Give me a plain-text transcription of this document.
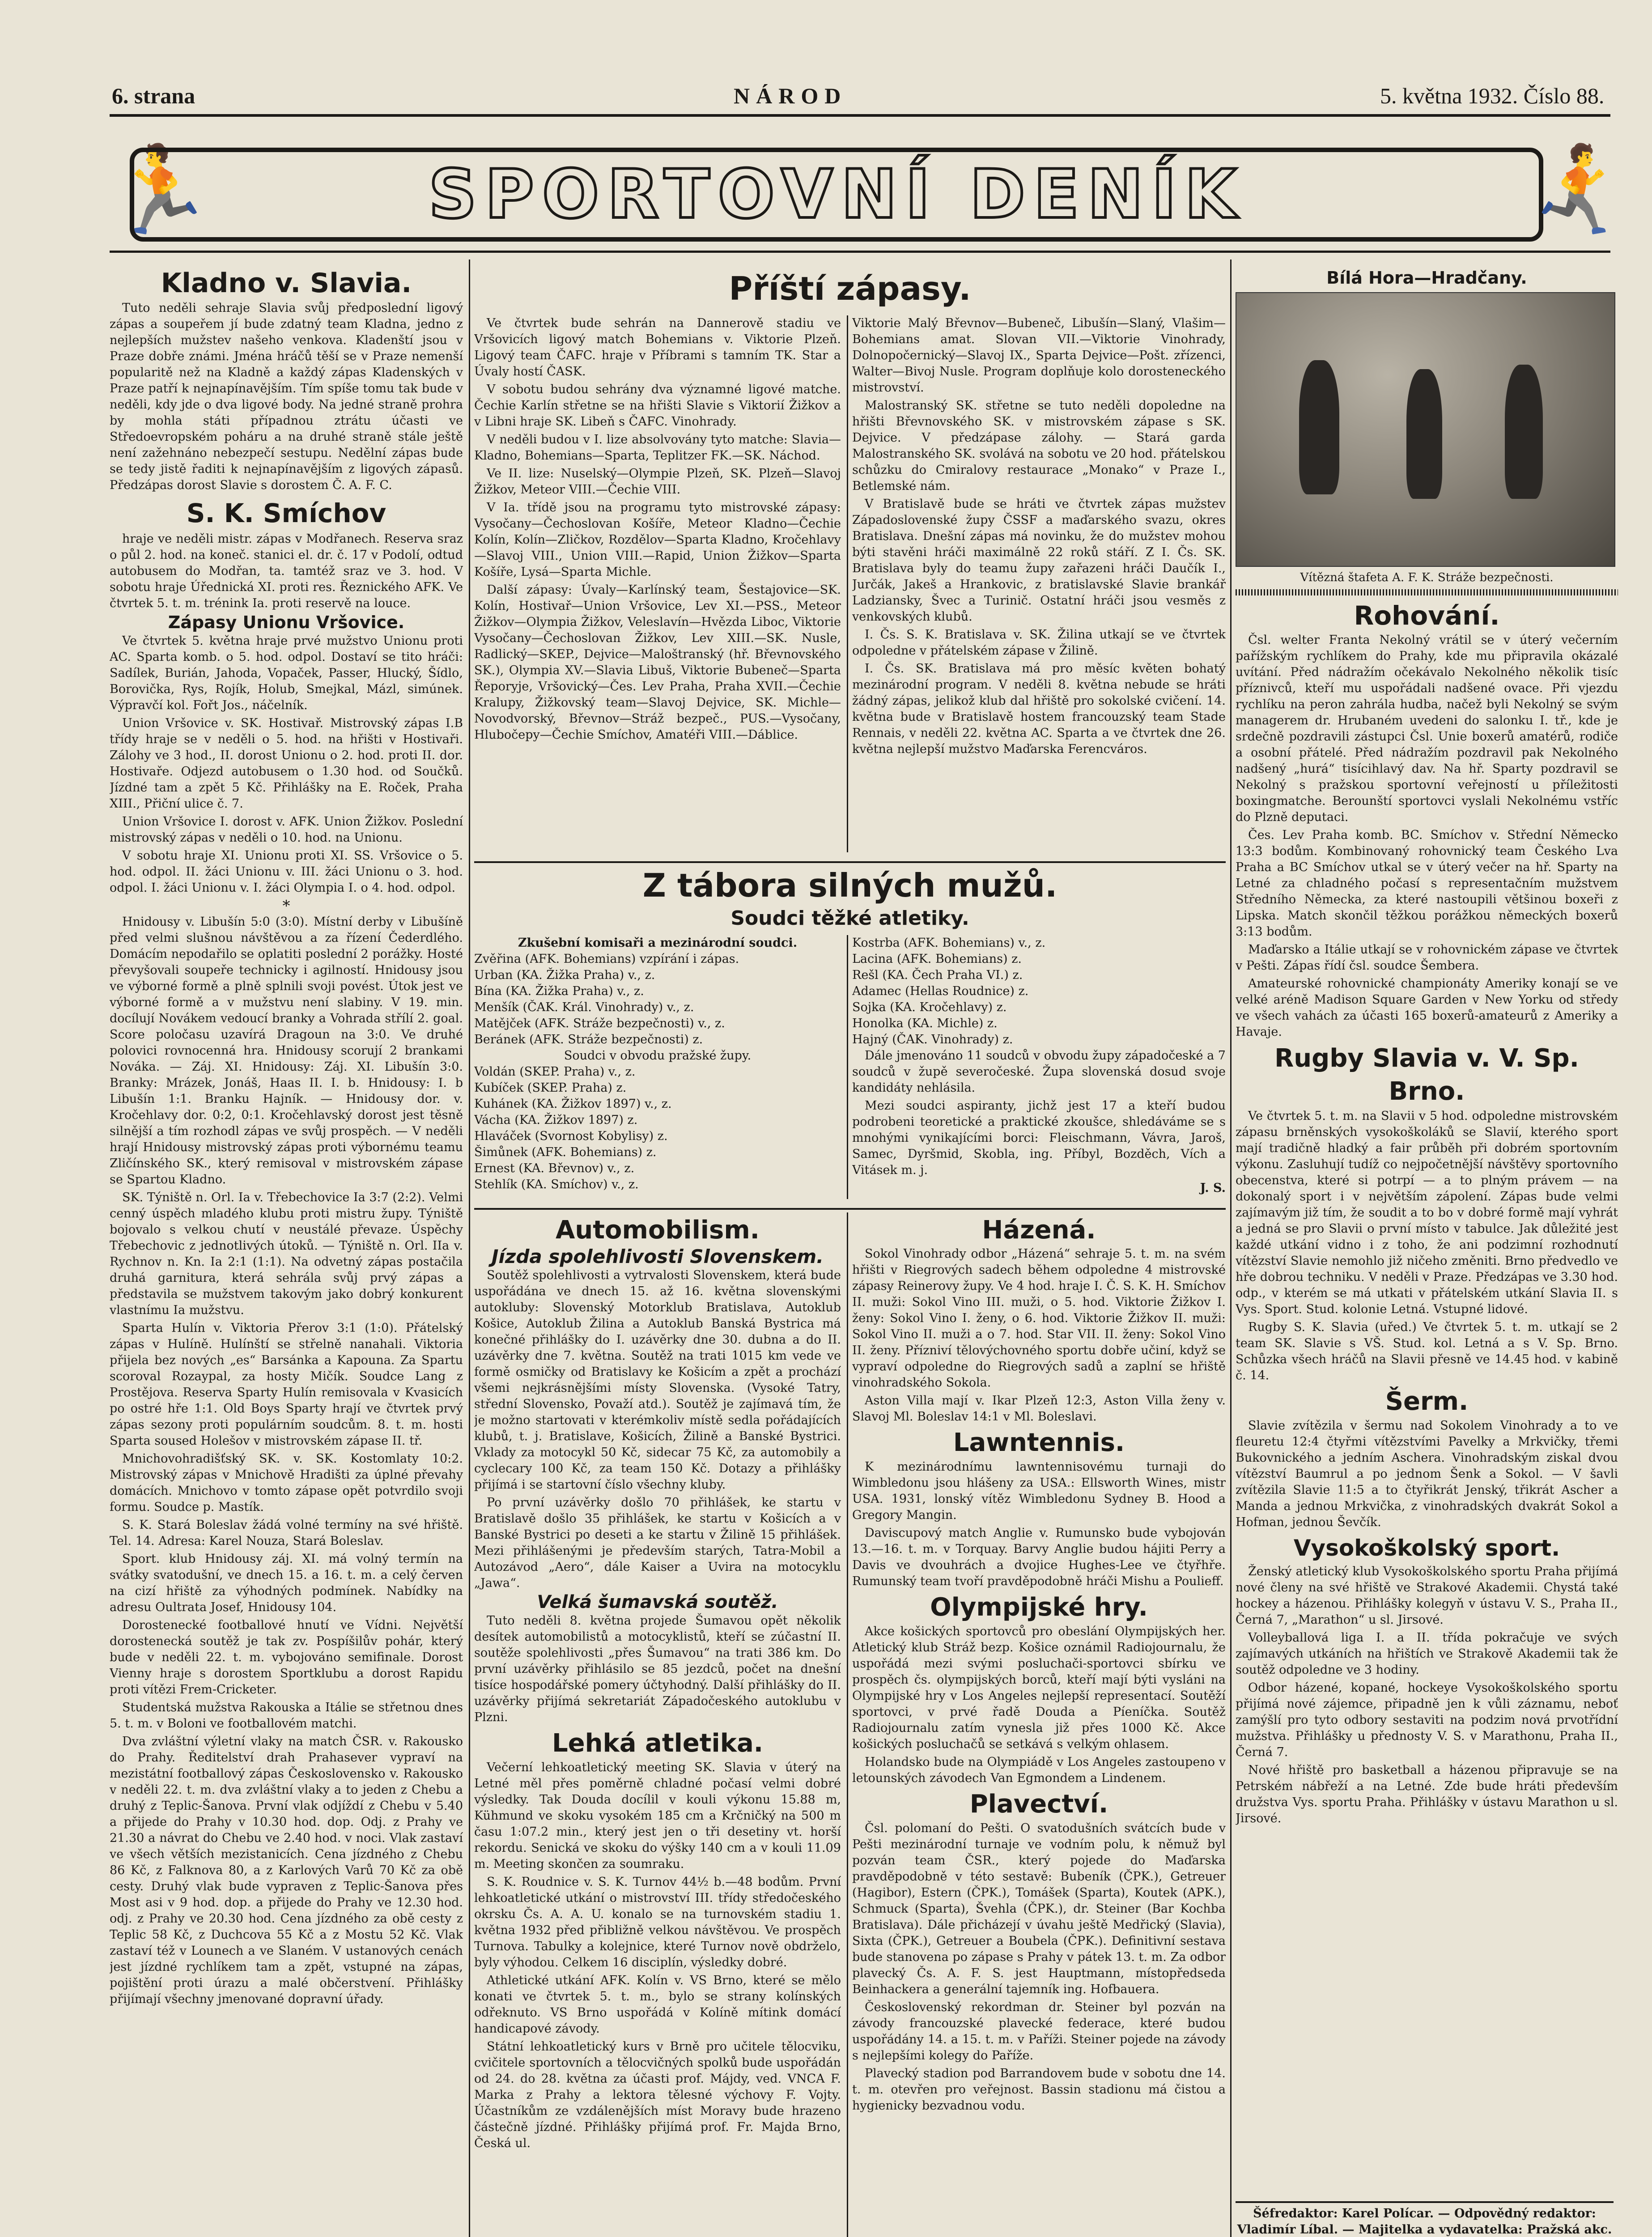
6. strana	NÁROD	5. května 1932. Číslo 88.
🏃	SPORTOVNÍ DENÍK	🏃
Kladno v. Slavia.

Tuto neděli sehraje Slavia svůj předposlední ligový zápas a soupeřem jí bude zdatný team Kladna, jedno z nejlepších mužstev našeho venkova. Kladenští jsou v Praze dobře známi. Jména hráčů těší se v Praze nemenší popularitě než na Kladně a každý zápas Kladenských v Praze patří k nejnapínavějším. Tím spíše tomu tak bude v neděli, kdy jde o dva ligové body. Na jedné straně prohra by mohla státi případnou ztrátu účasti ve Středoevropském poháru a na druhé straně stále ještě není zažehnáno nebezpečí sestupu. Nedělní zápas bude se tedy jistě řaditi k nejnapínavějším z ligových zápasů. Předzápas dorost Slavie s dorostem Č. A. F. C.

S. K. Smíchov

hraje ve neděli mistr. zápas v Modřanech. Reserva sraz o půl 2. hod. na koneč. stanici el. dr. č. 17 v Podolí, odtud autobusem do Modřan, ta. tamtéž sraz ve 3. hod. V sobotu hraje Úřednická XI. proti res. Řeznického AFK. Ve čtvrtek 5. t. m. trénink Ia. proti reservě na louce.

Zápasy Unionu Vršovice.

Ve čtvrtek 5. května hraje prvé mužstvo Unionu proti AC. Sparta komb. o 5. hod. odpol. Dostaví se tito hráči: Sadílek, Burián, Jahoda, Vopaček, Passer, Hlucký, Šídlo, Borovička, Rys, Rojík, Holub, Smejkal, Mázl, simúnek. Výpravčí kol. Fořt Jos., náčelník.

Union Vršovice v. SK. Hostivař. Mistrovský zápas I.B třídy hraje se v neděli o 5. hod. na hřišti v Hostivaři. Zálohy ve 3 hod., II. dorost Unionu o 2. hod. proti II. dor. Hostivaře. Odjezd autobusem o 1.30 hod. od Součků. Jízdné tam a zpět 5 Kč. Přihlášky na E. Roček, Praha XIII., Přiční ulice č. 7.

Union Vršovice I. dorost v. AFK. Union Žižkov. Poslední mistrovský zápas v neděli o 10. hod. na Unionu.

V sobotu hraje XI. Unionu proti XI. SS. Vršovice o 5. hod. odpol. II. žáci Unionu v. III. žáci Unionu o 3. hod. odpol. I. žáci Unionu v. I. žáci Olympia I. o 4. hod. odpol.

*

Hnidousy v. Libušín 5:0 (3:0). Místní derby v Libušíně před velmi slušnou návštěvou a za řízení Čederdlého. Domácím nepodařilo se oplatiti poslední 2 porážky. Hosté převyšovali soupeře technicky i agilností. Hnidousy jsou ve výborné formě a plně splnili svoji povést. Útok jest ve výborné formě a v mužstvu není slabiny. V 19. min. docílují Novákem vedoucí branky a Vohrada střílí 2. goal. Score poločasu uzavírá Dragoun na 3:0. Ve druhé polovici rovnocenná hra. Hnidousy scorují 2 brankami Nováka. — Záj. XI. Hnidousy: Záj. XI. Libušín 3:0. Branky: Mrázek, Jonáš, Haas II. I. b. Hnidousy: I. b Libušín 1:1. Branku Hajník. — Hnidousy dor. v. Kročehlavy dor. 0:2, 0:1. Kročehlavský dorost jest těsně silnější a tím rozhodl zápas ve svůj prospěch. — V neděli hrají Hnidousy mistrovský zápas proti výbornému teamu Zličínského SK., který remisoval v mistrovském zápase se Spartou Kladno.

SK. Týniště n. Orl. Ia v. Třebechovice Ia 3:7 (2:2). Velmi cenný úspěch mladého klubu proti mistru župy. Týniště bojovalo s velkou chutí v neustálé převaze. Úspěchy Třebechovic z jednotlivých útoků. — Týniště n. Orl. IIa v. Rychnov n. Kn. Ia 2:1 (1:1). Na odvetný zápas postačila druhá garnitura, která sehrála svůj prvý zápas a představila se mužstvem takovým jako dobrý konkurent vlastnímu Ia mužstvu.

Sparta Hulín v. Viktoria Přerov 3:1 (1:0). Přátelský zápas v Hulíně. Hulínští se střelně nanahali. Viktoria přijela bez nových „es“ Barsánka a Kapouna. Za Spartu scoroval Rozaypal, za hosty Mičík. Soudce Lang z Prostějova. Reserva Sparty Hulín remisovala v Kvasicích po ostré hře 1:1. Old Boys Sparty hrají ve čtvrtek prvý zápas sezony proti populárním soudcům. 8. t. m. hosti Sparta soused Holešov v mistrovském zápase II. tř.

Mnichovohradišťský SK. v. SK. Kostomlaty 10:2. Mistrovský zápas v Mnichově Hradišti za úplné převahy domácích. Mnichovo v tomto zápase opět potvrdilo svoji formu. Soudce p. Mastík.

S. K. Stará Boleslav žádá volné termíny na své hřiště. Tel. 14. Adresa: Karel Nouza, Stará Boleslav.

Sport. klub Hnidousy záj. XI. má volný termín na svátky svatodušní, ve dnech 15. a 16. t. m. a celý červen na cizí hřiště za výhodných podmínek. Nabídky na adresu Oultrata Josef, Hnidousy 104.

Dorostenecké footballové hnutí ve Vídni. Největší dorostenecká soutěž je tak zv. Pospíšilův pohár, který bude v neděli 22. t. m. vybojováno semifinale. Dorost Vienny hraje s dorostem Sportklubu a dorost Rapidu proti vítězi Frem-Cricketer.

Studentská mužstva Rakouska a Itálie se střetnou dnes 5. t. m. v Boloni ve footballovém matchi.

Dva zvláštní výletní vlaky na match ČSR. v. Rakousko do Prahy. Ředitelství drah Prahasever vypraví na mezistátní footballový zápas Československo v. Rakousko v neděli 22. t. m. dva zvláštní vlaky a to jeden z Chebu a druhý z Teplic-Šanova. První vlak odjíždí z Chebu v 5.40 a přijede do Prahy v 10.30 hod. dop. Odj. z Prahy ve 21.30 a návrat do Chebu ve 2.40 hod. v noci. Vlak zastaví ve všech větších mezistanicích. Cena jízdného z Chebu 86 Kč, z Falknova 80, a z Karlových Varů 70 Kč za obě cesty. Druhý vlak bude vypraven z Teplic-Šanova přes Most asi v 9 hod. dop. a přijede do Prahy ve 12.30 hod. odj. z Prahy ve 20.30 hod. Cena jízdného za obě cesty z Teplic 58 Kč, z Duchcova 55 Kč a z Mostu 52 Kč. Vlak zastaví též v Lounech a ve Slaném. V ustanových cenách jest jízdné rychlíkem tam a zpět, vstupné na zápas, pojištění proti úrazu a malé občerstvení. Přihlášky přijímají všechny jmenované dopravní úřady.

Příští zápasy.

Ve čtvrtek bude sehrán na Dannerově stadiu ve Vršovicích ligový match Bohemians v. Viktorie Plzeň. Ligový team ČAFC. hraje v Příbrami s tamním TK. Star a Úvaly hostí ČASK.

V sobotu budou sehrány dva významné ligové matche. Čechie Karlín střetne se na hřišti Slavie s Viktorií Žižkov a v Libni hraje SK. Libeň s ČAFC. Vinohrady.

V neděli budou v I. lize absolvovány tyto matche: Slavia—Kladno, Bohemians—Sparta, Teplitzer FK.—SK. Náchod.

Ve II. lize: Nuselský—Olympie Plzeň, SK. Plzeň—Slavoj Žižkov, Meteor VIII.—Čechie VIII.

V Ia. třídě jsou na programu tyto mistrovské zápasy: Vysočany—Čechoslovan Košíře, Meteor Kladno—Čechie Kolín, Kolín—Zličkov, Rozdělov—Sparta Kladno, Kročehlavy—Slavoj VIII., Union VIII.—Rapid, Union Žižkov—Sparta Košíře, Lysá—Sparta Michle.

Další zápasy: Úvaly—Karlínský team, Šestajovice—SK. Kolín, Hostivař—Union Vršovice, Lev XI.—PSS., Meteor Žižkov—Olympia Žižkov, Veleslavín—Hvězda Liboc, Viktorie Vysočany—Čechoslovan Žižkov, Lev XIII.—SK. Nusle, Radlický—SKEP., Dejvice—Maloštranský (hř. Břevnovského SK.), Olympia XV.—Slavia Libuš, Viktorie Bubeneč—Sparta Řeporyje, Vršovický—Čes. Lev Praha, Praha XVII.—Čechie Kralupy, Žižkovský team—Slavoj Dejvice, SK. Michle—Novodvorský, Břevnov—Stráž bezpeč., PUS.—Vysočany, Hlubočepy—Čechie Smíchov, Amatéři VIII.—Dáblice.

Viktorie Malý Břevnov—Bubeneč, Libušín—Slaný, Vlašim—Bohemians amat. Slovan VII.—Viktorie Vinohrady, Dolnopočernický—Slavoj IX., Sparta Dejvice—Pošt. zřízenci, Walter—Bivoj Nusle. Program doplňuje kolo dorosteneckého mistrovství.

Malostranský SK. střetne se tuto neděli dopoledne na hřišti Břevnovského SK. v mistrovském zápase s SK. Dejvice. V předzápase zálohy. — Stará garda Malostranského SK. svolává na sobotu ve 20 hod. přátelskou schůzku do Cmiralovy restaurace „Monako“ v Praze I., Betlemské nám.

V Bratislavě bude se hráti ve čtvrtek zápas mužstev Západoslovenské župy ČSSF a maďarského svazu, okres Bratislava. Dnešní zápas má novinku, že do mužstev mohou býti stavěni hráči maximálně 22 roků stáří. Z I. Čs. SK. Bratislava byly do teamu župy zařazeni hráči Daučík I., Jurčák, Jakeš a Hrankovic, z bratislavské Slavie brankář Ladziansky, Švec a Turinič. Ostatní hráči jsou vesměs z venkovských klubů.

I. Čs. S. K. Bratislava v. SK. Žilina utkají se ve čtvrtek odpoledne v přátelském zápase v Žilině.

I. Čs. SK. Bratislava má pro měsíc květen bohatý mezinárodní program. V neděli 8. května nebude se hráti žádný zápas, jelikož klub dal hřiště pro sokolské cvičení. 14. května bude v Bratislavě hostem francouzský team Stade Rennais, v neděli 22. května AC. Sparta a ve čtvrtek dne 26. května nejlepší mužstvo Maďarska Ferencváros.

Z tábora silných mužů.
Soudci těžké atletiky.
Zkušební komisaři a mezinárodní soudci.
Zvěřina (AFK. Bohemians) vzpírání i zápas.
Urban (KA. Žižka Praha) v., z.
Bína (KA. Žižka Praha) v., z.
Menšík (ČAK. Král. Vinohrady) v., z.
Matějček (AFK. Stráže bezpečnosti) v., z.
Beránek (AFK. Stráže bezpečnosti) z.
Soudci v obvodu pražské župy.
Voldán (SKEP. Praha) v., z.
Kubíček (SKEP. Praha) z.
Kuhánek (KA. Žižkov 1897) v., z.
Vácha (KA. Žižkov 1897) z.
Hlaváček (Svornost Kobylisy) z.
Šimůnek (AFK. Bohemians) z.
Ernest (KA. Břevnov) v., z.
Stehlík (KA. Smíchov) v., z.
Kostrba (AFK. Bohemians) v., z.
Lacina (AFK. Bohemians) z.
Rešl (KA. Čech Praha VI.) z.
Adamec (Hellas Roudnice) z.
Sojka (KA. Kročehlavy) z.
Honolka (KA. Michle) z.
Hajný (ČAK. Vinohrady) z.

Dále jmenováno 11 soudců v obvodu župy západočeské a 7 soudců v župě severočeské. Župa slovenská dosud svoje kandidáty nehlásila.

Mezi soudci aspiranty, jichž jest 17 a kteří budou podrobeni teoretické a praktické zkoušce, shledáváme se s mnohými vynikajícími borci: Fleischmann, Vávra, Jaroš, Samec, Dyršmid, Skobla, ing. Příbyl, Bozděch, Vích a Vitásek m. j.

J. S.
Automobilism.
Jízda spolehlivosti Slovenskem.

Soutěž spolehlivosti a vytrvalosti Slovenskem, která bude uspořádána ve dnech 15. až 16. května slovenskými autokluby: Slovenský Motorklub Bratislava, Autoklub Košice, Autoklub Žilina a Autoklub Banská Bystrica má konečné přihlášky do I. uzávěrky dne 30. dubna a do II. uzávěrky dne 7. května. Soutěž na trati 1015 km vede ve formě osmičky od Bratislavy ke Košicím a zpět a prochází všemi nejkrásnějšími místy Slovenska. (Vysoké Tatry, střední Slovensko, Považí atd.). Soutěž je zajímavá tím, že je možno startovati v kterémkoliv místě sedla pořádajících klubů, t. j. Bratislave, Košicích, Žilině a Banské Bystrici. Vklady za motocykl 50 Kč, sidecar 75 Kč, za automobily a cyclecary 100 Kč, za team 150 Kč. Dotazy a přihlášky přijímá i se startovní číslo všechny kluby.

Po první uzávěrky došlo 70 přihlášek, ke startu v Bratislavě došlo 35 přihlášek, ke startu v Košicích a v Banské Bystrici po deseti a ke startu v Žilině 15 přihlášek. Mezi přihlášenými je především starých, Tatra-Mobil a Autozávod „Aero“, dále Kaiser a Uvira na motocyklu „Jawa“.

Velká šumavská soutěž.

Tuto neděli 8. května projede Šumavou opět několik desítek automobilistů a motocyklistů, kteří se zúčastní II. soutěže spolehlivosti „přes Šumavou“ na trati 386 km. Do první uzávěrky přihlásilo se 85 jezdců, počet na dnešní tisíce hospodářské pomery účtyhodný. Další přihlášky do II. uzávěrky přijímá sekretariát Západočeského autoklubu v Plzni.

Lehká atletika.

Večerní lehkoatletický meeting SK. Slavia v úterý na Letné měl přes poměrně chladné počasí velmi dobré výsledky. Tak Douda docílil v kouli výkonu 15.88 m, Kühmund ve skoku vysokém 185 cm a Krčničký na 500 m času 1:07.2 min., který jest jen o tři desetiny vt. horší rekordu. Senická ve skoku do výšky 140 cm a v kouli 11.09 m. Meeting skončen za soumraku.

S. K. Roudnice v. S. K. Turnov 44½ b.—48 bodům. První lehkoatletické utkání o mistrovství III. třídy středočeského okrsku Čs. A. A. U. konalo se na turnovském stadiu 1. května 1932 před přibližně velkou návštěvou. Ve prospěch Turnova. Tabulky a kolejnice, které Turnov nově obdrželo, byly výhodou. Celkem 16 disciplín, výsledky dobré.

Athletické utkání AFK. Kolín v. VS Brno, které se mělo konati ve čtvrtek 5. t. m., bylo se strany kolínských odřeknuto. VS Brno uspořádá v Kolíně mítink domácí handicapové závody.

Státní lehkoatletický kurs v Brně pro učitele tělocviku, cvičitele sportovních a tělocvičných spolků bude uspořádán od 24. do 28. května za účasti prof. Májdy, ved. VNCA F. Marka z Prahy a lektora tělesné výchovy F. Vojty. Účastníkům ze vzdálenějších míst Moravy bude hrazeno částečně jízdné. Přihlášky přijímá prof. Fr. Majda Brno, Česká ul.

Házená.

Sokol Vinohrady odbor „Házená“ sehraje 5. t. m. na svém hřišti v Riegrových sadech během odpoledne 4 mistrovské zápasy Reinerovy župy. Ve 4 hod. hraje I. Č. S. K. H. Smíchov II. muži: Sokol Vino III. muži, o 5. hod. Viktorie Žižkov I. ženy: Sokol Vino I. ženy, o 6. hod. Viktorie Žižkov II. muži: Sokol Vino II. muži a o 7. hod. Star VII. II. ženy: Sokol Vino II. ženy. Přízniví tělovýchovného sportu dobře učiní, když se vypraví odpoledne do Riegrových sadů a zaplní se hřiště vinohradského Sokola.

Aston Villa mají v. Ikar Plzeň 12:3, Aston Villa ženy v. Slavoj Ml. Boleslav 14:1 v Ml. Boleslavi.

Lawntennis.

K mezinárodnímu lawntennisovému turnaji do Wimbledonu jsou hlášeny za USA.: Ellsworth Wines, mistr USA. 1931, lonský vítěz Wimbledonu Sydney B. Hood a Gregory Mangin.

Daviscupový match Anglie v. Rumunsko bude vybojován 13.—16. t. m. v Torquay. Barvy Anglie budou hájiti Perry a Davis ve dvouhrách a dvojice Hughes-Lee ve čtyřhře. Rumunský team tvoří pravděpodobně hráči Mishu a Poulieff.

Olympijské hry.

Akce košických sportovců pro obeslání Olympijských her. Atletický klub Stráž bezp. Košice oznámil Radiojournalu, že uspořádá mezi svými posluchači-sportovci sbírku ve prospěch čs. olympijských borců, kteří mají býti vysláni na Olympijské hry v Los Angeles nejlepší representací. Soutěží sportovci, v prvé řadě Douda a Píeníčka. Soutěž Radiojournalu zatím vynesla již přes 1000 Kč. Akce košických posluchačů se setkává s velkým ohlasem.

Holandsko bude na Olympiádě v Los Angeles zastoupeno v letounských závodech Van Egmondem a Lindenem.

Plavectví.

Čsl. polomaní do Pešti. O svatodušních svátcích bude v Pešti mezinárodní turnaje ve vodním polu, k němuž byl pozván team ČSR., který pojede do Maďarska pravděpodobně v této sestavě: Bubeník (ČPK.), Getreuer (Hagibor), Estern (ČPK.), Tomášek (Sparta), Koutek (APK.), Schmuck (Sparta), Švehla (ČPK.), dr. Steiner (Bar Kochba Bratislava). Dále přicházejí v úvahu ještě Medřický (Slavia), Sixta (ČPK.), Getreuer a Boubela (ČPK.). Definitivní sestava bude stanovena po zápase s Prahy v pátek 13. t. m. Za odbor plavecký Čs. A. F. S. jest Hauptmann, místopředseda Beinhackera a generální tajemník ing. Hofbauera.

Československý rekordman dr. Steiner byl pozván na závody francouzské plavecké federace, které budou uspořádány 14. a 15. t. m. v Paříži. Steiner pojede na závody s nejlepšími kolegy do Paříže.

Plavecký stadion pod Barrandovem bude v sobotu dne 14. t. m. otevřen pro veřejnost. Bassin stadionu má čistou a hygienicky bezvadnou vodu.

Bílá Hora—Hradčany.
Vítězná štafeta A. F. K. Stráže bezpečnosti.
Rohování.

Čsl. welter Franta Nekolný vrátil se v úterý večerním pařížským rychlíkem do Prahy, kde mu připravila okázalé uvítání. Před nádražím očekávalo Nekolného několik tisíc příznivců, kteří mu uspořádali nadšené ovace. Při vjezdu rychlíku na peron zahrála hudba, načež byli Nekolný se svým managerem dr. Hrubaném uvedeni do salonku I. tř., kde je srdečně pozdravili zástupci Čsl. Unie boxerů amatérů, rodiče a osobní přátelé. Před nádražím pozdravil pak Nekolného nadšený „hurá“ tisícihlavý dav. Na hř. Sparty pozdravil se Nekolný s pražskou sportovní veřejností u příležitosti boxingmatche. Berounští sportovci vyslali Nekolnému vstříc do Plzně deputaci.

Čes. Lev Praha komb. BC. Smíchov v. Střední Německo 13:3 bodům. Kombinovaný rohovnický team Českého Lva Praha a BC Smíchov utkal se v úterý večer na hř. Sparty na Letné za chladného počasí s representačním mužstvem Středního Německa, za které nastoupili většinou boxeři z Lipska. Match skončil těžkou porážkou německých boxerů 3:13 bodům.

Maďarsko a Itálie utkají se v rohovnickém zápase ve čtvrtek v Pešti. Zápas řídí čsl. soudce Šembera.

Amateurské rohovnické championáty Ameriky konají se ve velké aréně Madison Square Garden v New Yorku od středy ve všech vahách za účasti 165 boxerů-amateurů z Ameriky a Havaje.

Rugby Slavia v. V. Sp. Brno.

Ve čtvrtek 5. t. m. na Slavii v 5 hod. odpoledne mistrovském zápasu brněnských vysokoškoláků se Slavií, kterého sport mají tradičně hladký a fair průběh při dobrém sportovním výkonu. Zasluhují tudíž co nejpočetnější návštěvy sportovního obecenstva, které si potrpí — a to plným právem — na dokonalý sport i v největším zápolení. Zápas bude velmi zajímavým již tím, že soudit a to bo v dobré formě mají vyhrát a jedná se pro Slavii o první místo v tabulce. Jak důležité jest každé utkání vidno i z toho, že ani podzimní rozhodnutí vítězství Slavie nemohlo již ničeho změniti. Brno předvedlo ve hře dobrou techniku. V neděli v Praze. Předzápas ve 3.30 hod. odp., v kterém se má utkati v přátelském utkání Slavia II. s Vys. Sport. Stud. kolonie Letná. Vstupné lidové.

Rugby S. K. Slavia (uřed.) Ve čtvrtek 5. t. m. utkají se 2 team SK. Slavie s VŠ. Stud. kol. Letná a s V. Sp. Brno. Schůzka všech hráčů na Slavii přesně ve 14.45 hod. v kabině č. 14.

Šerm.

Slavie zvítězila v šermu nad Sokolem Vinohrady a to ve fleuretu 12:4 čtyřmi vítězstvími Pavelky a Mrkvičky, třemi Bukovnického a jedním Aschera. Vinohradským ziskal dvou vítězství Baumrul a po jednom Šenk a Sokol. — V šavli zvítězila Slavie 11:5 a to čtyřikrát Jenský, třikrát Ascher a Manda a jednou Mrkvička, z vinohradských dvakrát Sokol a Hofman, jednou Ševčík.

Vysokoškolský sport.

Ženský atletický klub Vysokoškolského sportu Praha přijímá nové členy na své hřiště ve Strakové Akademii. Chystá také hockey a házenou. Přihlášky kolegyň v ústavu V. S., Praha II., Černá 7, „Marathon“ u sl. Jirsové.

Volleyballová liga I. a II. třída pokračuje ve svých zajímavých utkáních na hřištích ve Strakově Akademii tak že soutěž odpoledne ve 3 hodiny.

Odbor házené, kopané, hockeye Vysokoškolského sportu přijímá nové zájemce, připadně jen k vůli záznamu, neboť zamýšlí pro tyto odbory sestaviti na podzim nová prvotřídní mužstva. Přihlášky u přednosty V. S. v Marathonu, Praha II., Černá 7.

Nové hřiště pro basketball a házenou připravuje se na Petrském nábřeží a na Letné. Zde bude hráti především družstva Vys. sportu Praha. Přihlášky v ústavu Marathon u sl. Jirsové.

Šéfredaktor: Karel Polícar. — Odpovědný redaktor: Vladimír Líbal. — Majitelka a vydavatelka: Pražská akc.
